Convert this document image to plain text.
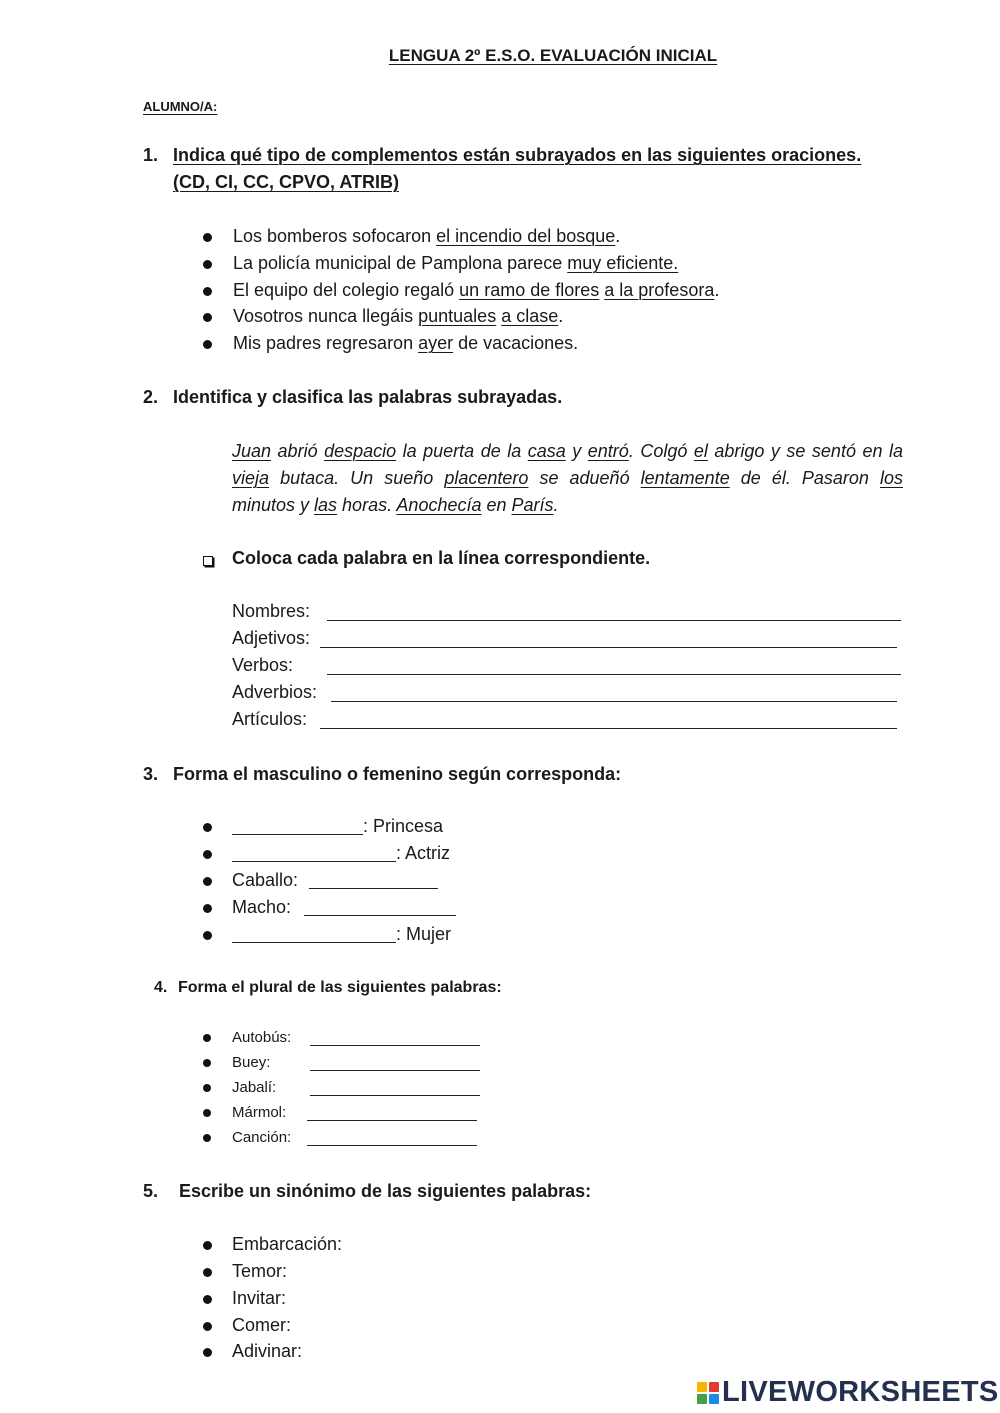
LENGUA 2º E.S.O. EVALUACIÓN INICIAL
ALUMNO/A:
1. Indica qué tipo de complementos están subrayados en las siguientes oraciones.
(CD, CI, CC, CPVO, ATRIB)
Los bomberos sofocaron el incendio del bosque.
La policía municipal de Pamplona parece muy eficiente.
El equipo del colegio regaló un ramo de flores a la profesora.
Vosotros nunca llegáis puntuales a clase.
Mis padres regresaron ayer de vacaciones.
2. Identifica y clasifica las palabras subrayadas.
Juan abrió despacio la puerta de la casa y entró. Colgó el abrigo y se sentó en la vieja butaca. Un sueño placentero se adueñó lentamente de él. Pasaron los minutos y las horas. Anochecía en París.
Coloca cada palabra en la línea correspondiente.
Nombres:
Adjetivos:
Verbos:
Adverbios:
Artículos:
3. Forma el masculino o femenino según corresponda:
: Princesa
: Actriz
Caballo:
Macho:
: Mujer
4. Forma el plural de las siguientes palabras:
Autobús:
Buey:
Jabalí:
Mármol:
Canción:
5. Escribe un sinónimo de las siguientes palabras:
Embarcación:
Temor:
Invitar:
Comer:
Adivinar:
LIVEWORKSHEETS
